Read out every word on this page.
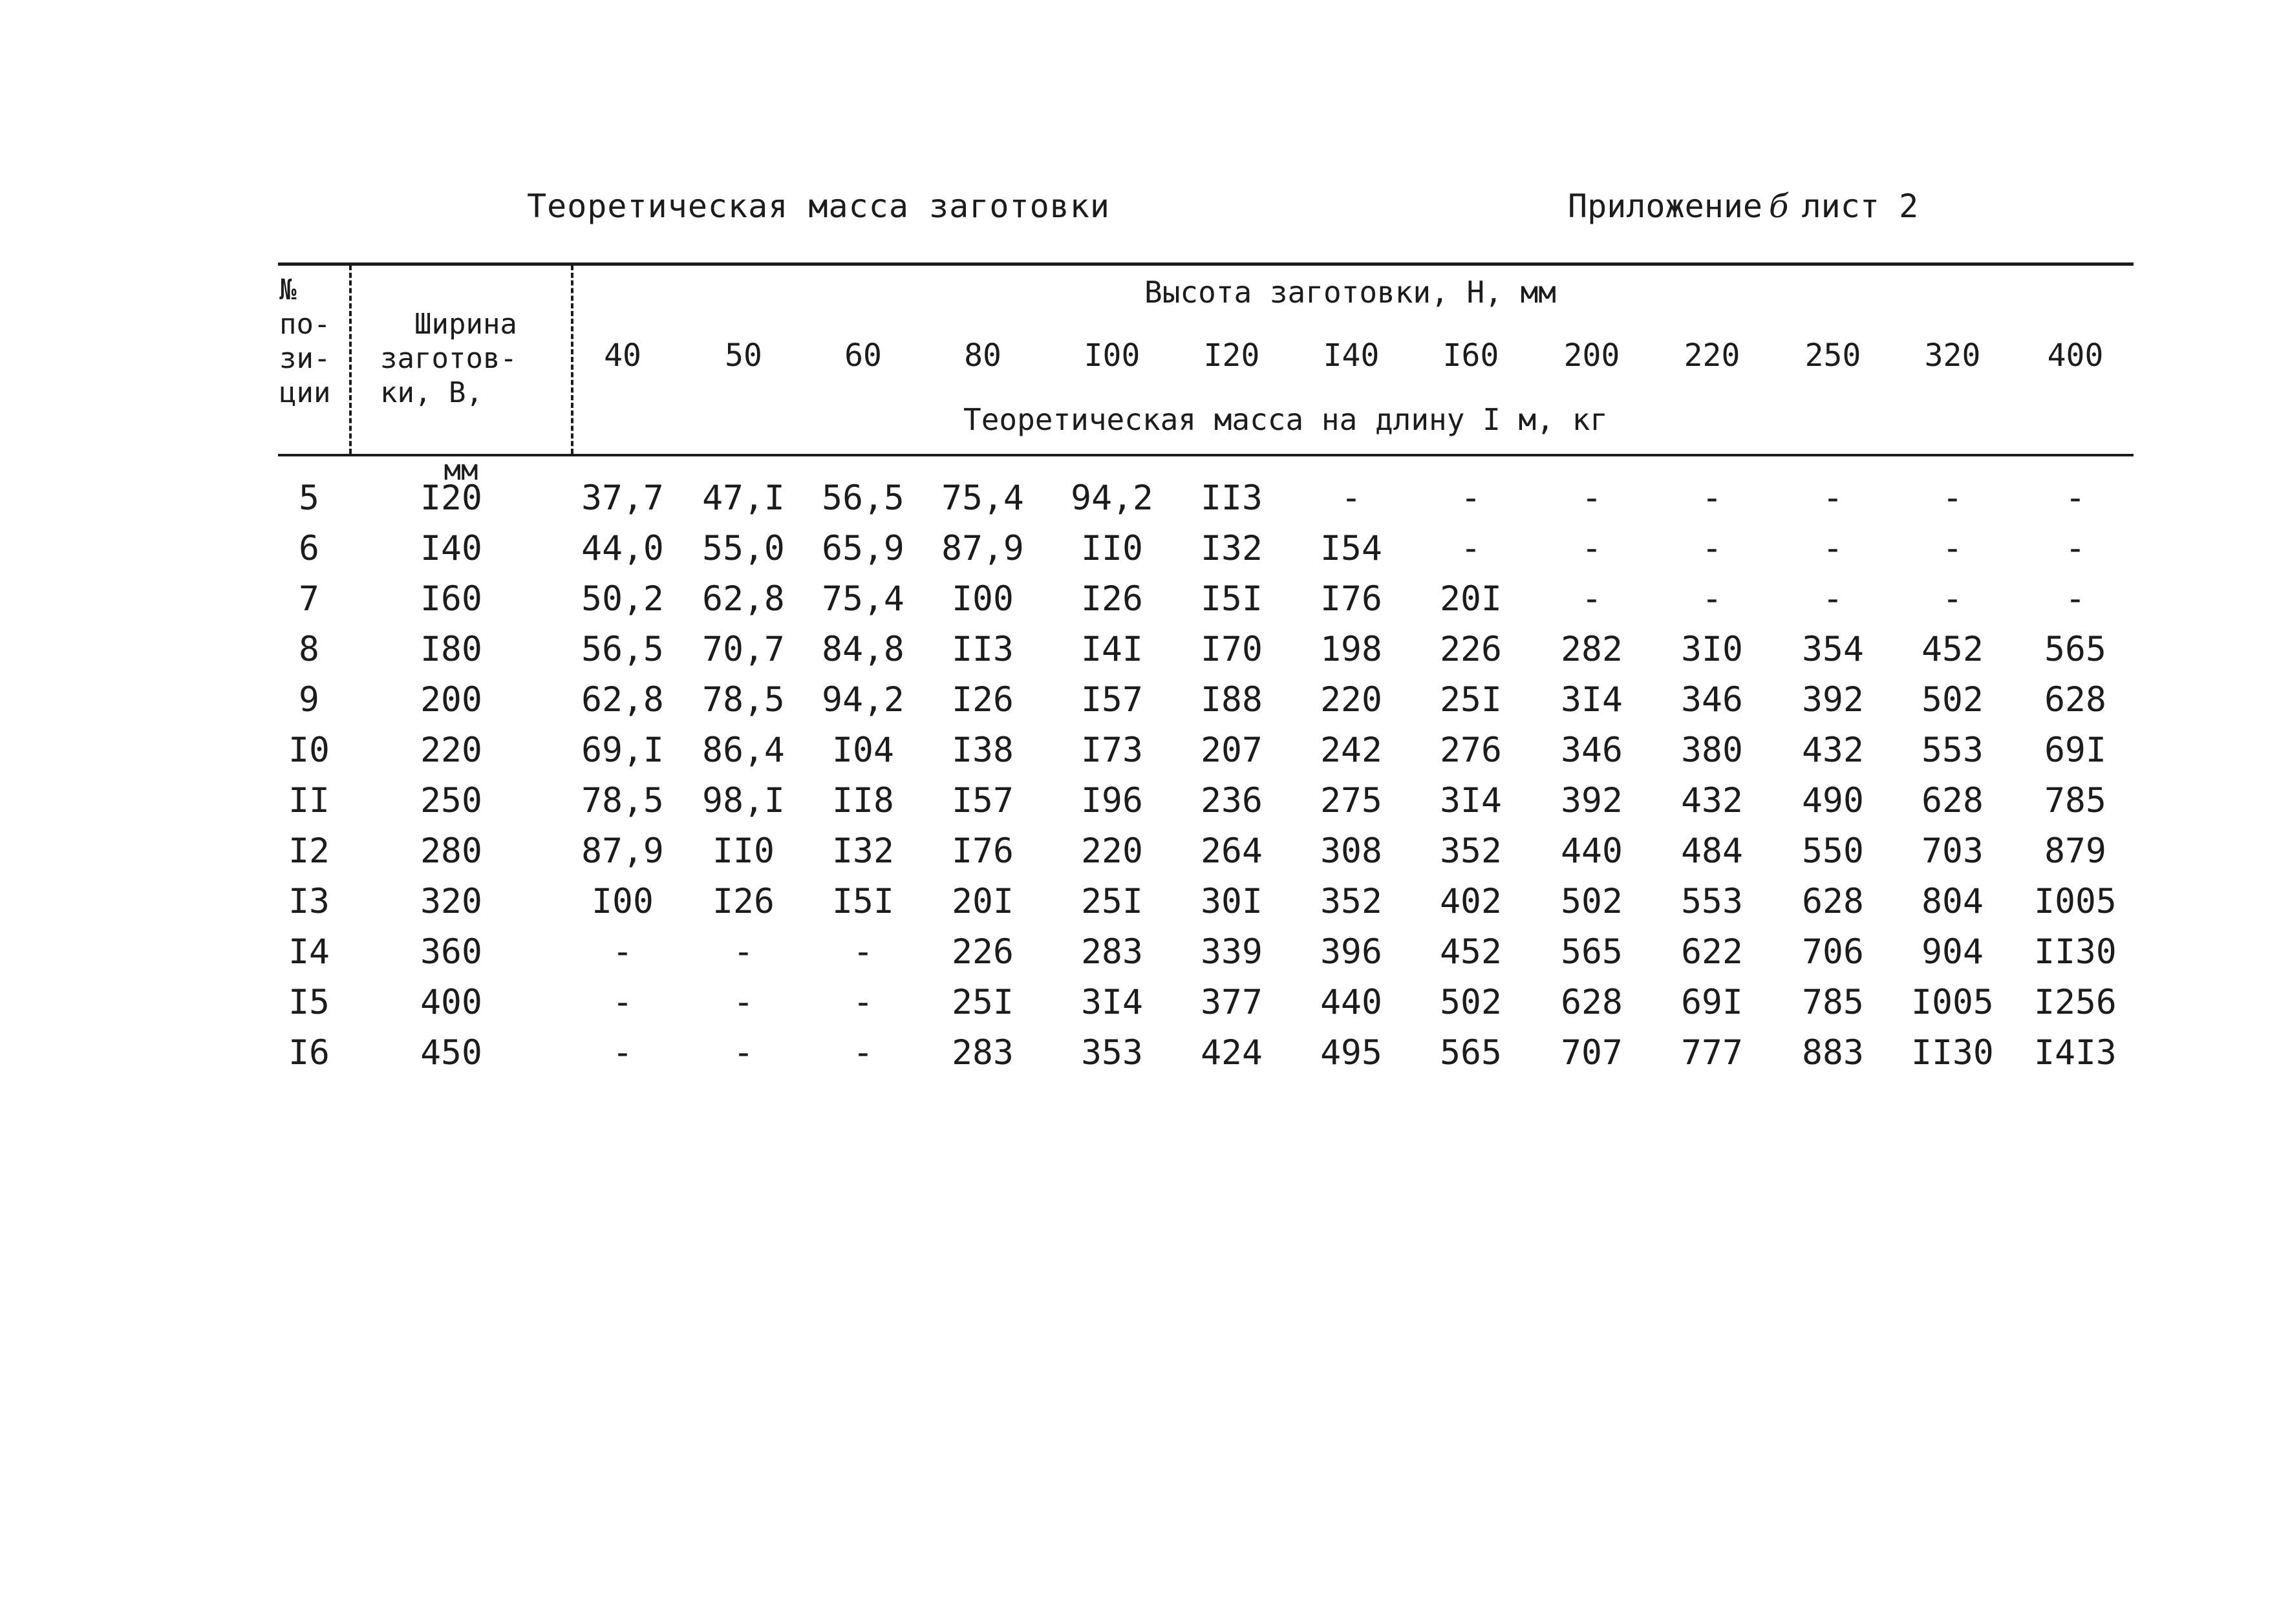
Теоретическая масса заготовки	Приложение б лист 2
№
по-
зи-
ции

Ширина
заготов-
ки, В,

мм

Высота заготовки, Н, мм
Теоретическая масса на длину I м, кг
40	50	60	80	I00	I20	I40	I60	200	220	250	320	400
5	I20	37,7	47,I	56,5	75,4	94,2	II3	-	-	-	-	-	-	-
6	I40	44,0	55,0	65,9	87,9	II0	I32	I54	-	-	-	-	-	-
7	I60	50,2	62,8	75,4	I00	I26	I5I	I76	20I	-	-	-	-	-
8	I80	56,5	70,7	84,8	II3	I4I	I70	198	226	282	3I0	354	452	565
9	200	62,8	78,5	94,2	I26	I57	I88	220	25I	3I4	346	392	502	628
I0	220	69,I	86,4	I04	I38	I73	207	242	276	346	380	432	553	69I
II	250	78,5	98,I	II8	I57	I96	236	275	3I4	392	432	490	628	785
I2	280	87,9	II0	I32	I76	220	264	308	352	440	484	550	703	879
I3	320	I00	I26	I5I	20I	25I	30I	352	402	502	553	628	804	I005
I4	360	-	-	-	226	283	339	396	452	565	622	706	904	II30
I5	400	-	-	-	25I	3I4	377	440	502	628	69I	785	I005	I256
I6	450	-	-	-	283	353	424	495	565	707	777	883	II30	I4I3
